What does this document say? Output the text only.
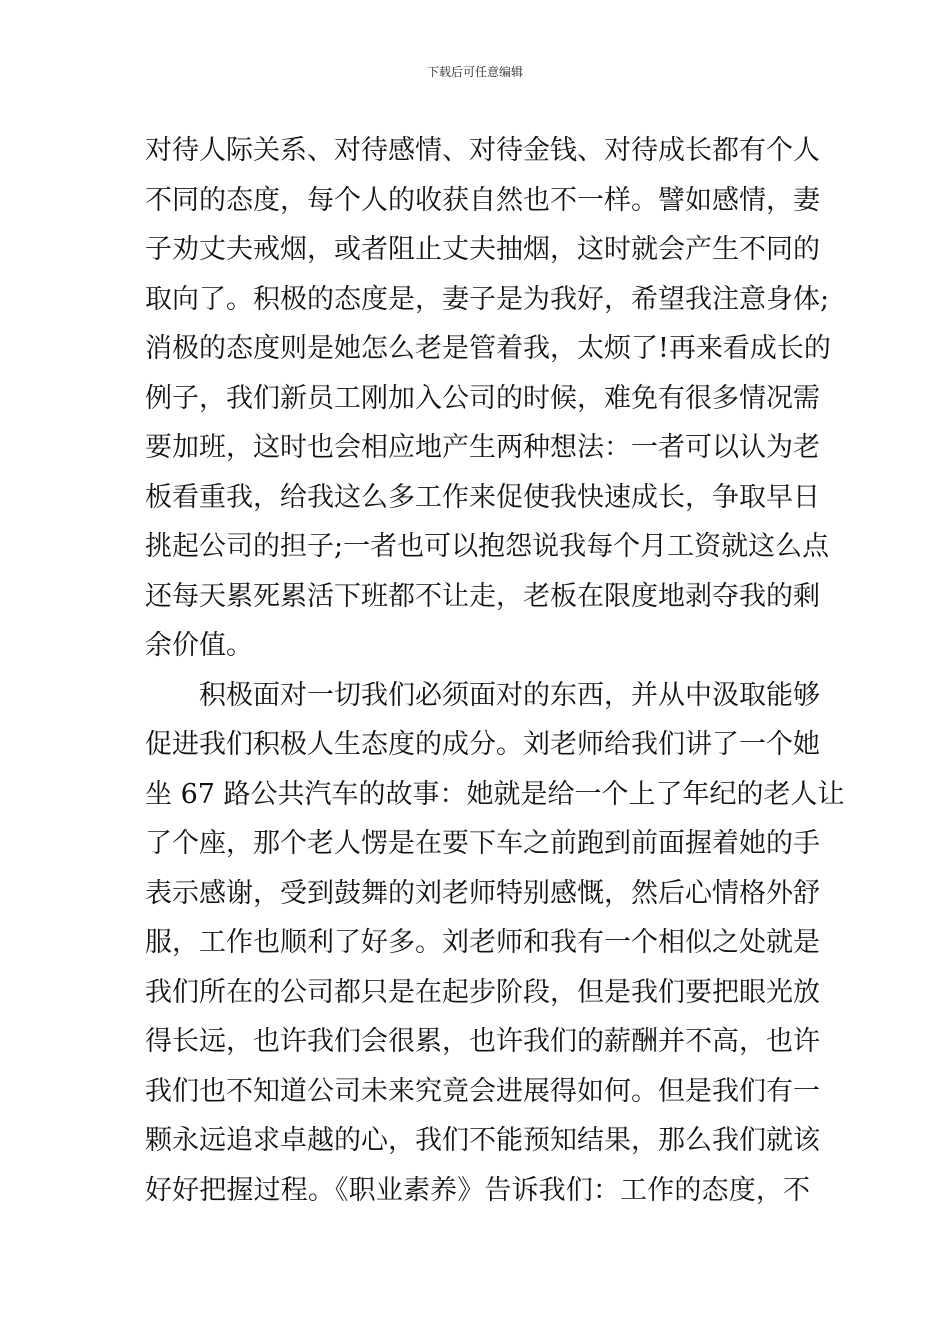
下载后可任意编辑
对待人际关系、对待感情、对待金钱、对待成长都有个人
不同的态度，每个人的收获自然也不一样。譬如感情，妻
子劝丈夫戒烟，或者阻止丈夫抽烟，这时就会产生不同的
取向了。积极的态度是，妻子是为我好，希望我注意身体;
消极的态度则是她怎么老是管着我，太烦了!再来看成长的
例子，我们新员工刚加入公司的时候，难免有很多情况需
要加班，这时也会相应地产生两种想法：一者可以认为老
板看重我，给我这么多工作来促使我快速成长，争取早日
挑起公司的担子;一者也可以抱怨说我每个月工资就这么点
还每天累死累活下班都不让走，老板在限度地剥夺我的剩
余价值。
积极面对一切我们必须面对的东西，并从中汲取能够
促进我们积极人生态度的成分。刘老师给我们讲了一个她
坐 67 路公共汽车的故事：她就是给一个上了年纪的老人让
了个座，那个老人愣是在要下车之前跑到前面握着她的手
表示感谢，受到鼓舞的刘老师特别感慨，然后心情格外舒
服，工作也顺利了好多。刘老师和我有一个相似之处就是
我们所在的公司都只是在起步阶段，但是我们要把眼光放
得长远，也许我们会很累，也许我们的薪酬并不高，也许
我们也不知道公司未来究竟会进展得如何。但是我们有一
颗永远追求卓越的心，我们不能预知结果，那么我们就该
好好把握过程。《职业素养》告诉我们：工作的态度，不
